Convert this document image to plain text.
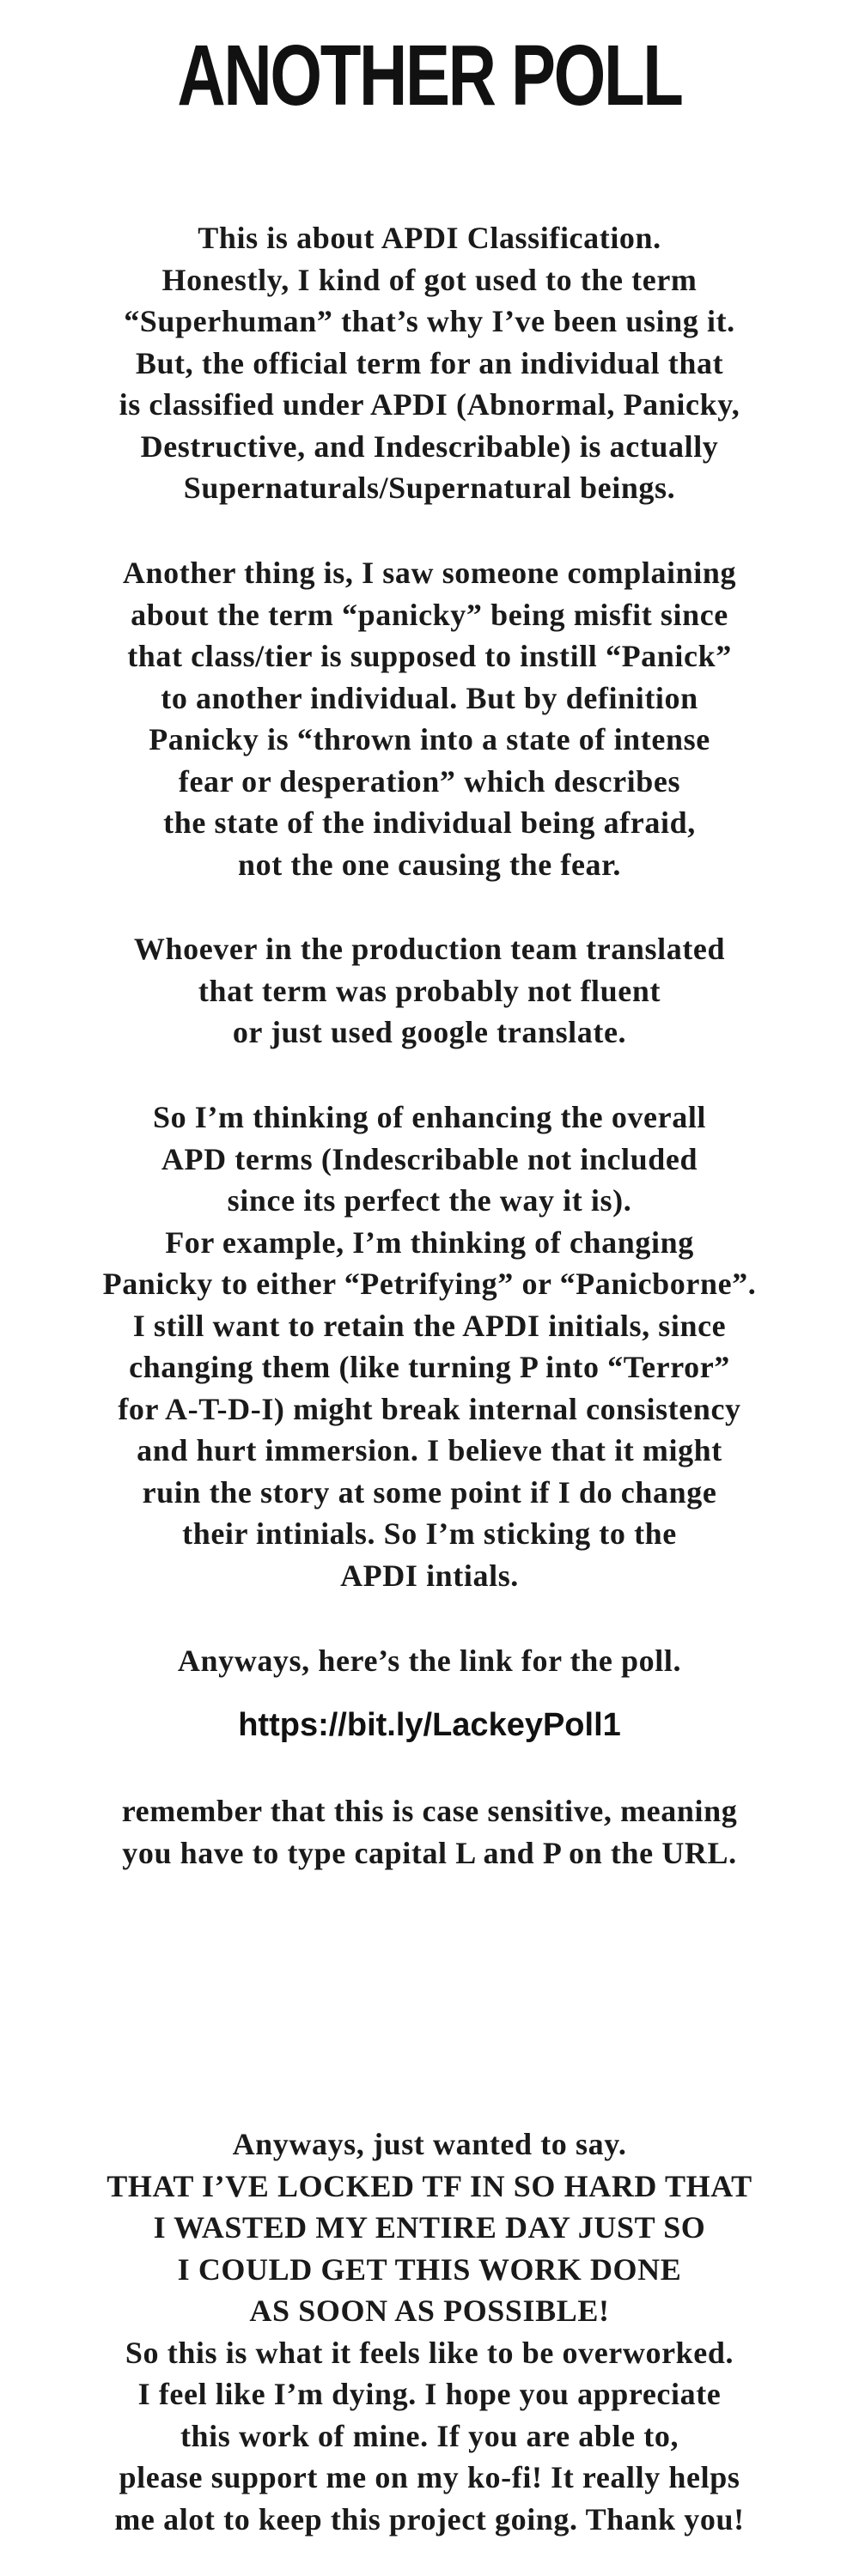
ANOTHER POLL
This is about APDI Classification.
Honestly, I kind of got used to the term
“Superhuman” that’s why I’ve been using it.
But, the official term for an individual that
is classified under APDI (Abnormal, Panicky,
Destructive, and Indescribable) is actually
Supernaturals/Supernatural beings.
Another thing is, I saw someone complaining
about the term “panicky” being misfit since
that class/tier is supposed to instill “Panick”
to another individual. But by definition
Panicky is “thrown into a state of intense
fear or desperation” which describes
the state of the individual being afraid,
not the one causing the fear.
Whoever in the production team translated
that term was probably not fluent
or just used google translate.
So I’m thinking of enhancing the overall
APD terms (Indescribable not included
since its perfect the way it is).
For example, I’m thinking of changing
Panicky to either “Petrifying” or “Panicborne”.
I still want to retain the APDI initials, since
changing them (like turning P into “Terror”
for A-T-D-I) might break internal consistency
and hurt immersion. I believe that it might
ruin the story at some point if I do change
their intinials. So I’m sticking to the
APDI intials.
Anyways, here’s the link for the poll.
https://bit.ly/LackeyPoll1
remember that this is case sensitive, meaning
you have to type capital L and P on the URL.
Anyways, just wanted to say.
THAT I’VE LOCKED TF IN SO HARD THAT
I WASTED MY ENTIRE DAY JUST SO
I COULD GET THIS WORK DONE
AS SOON AS POSSIBLE!
So this is what it feels like to be overworked.
I feel like I’m dying. I hope you appreciate
this work of mine. If you are able to,
please support me on my ko-fi! It really helps
me alot to keep this project going. Thank you!
